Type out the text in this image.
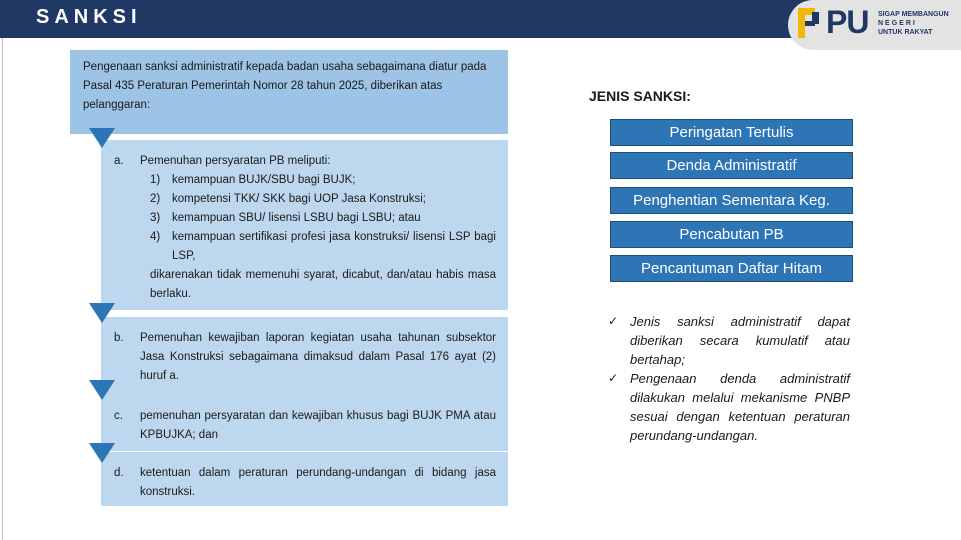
SANKSI	PU SIGAP MEMBANGUN
NEGERI
UNTUK RAKYAT
Pengenaan sanksi administratif kepada badan usaha sebagaimana diatur pada Pasal 435 Peraturan Pemerintah Nomor 28 tahun 2025, diberikan atas pelanggaran:
a. Pemenuhan persyaratan PB meliputi:
1) kemampuan BUJK/SBU bagi BUJK;
2) kompetensi TKK/ SKK bagi UOP Jasa Konstruksi;
3) kemampuan SBU/ lisensi LSBU bagi LSBU; atau
4) kemampuan sertifikasi profesi jasa konstruksi/ lisensi LSP bagi LSP,
dikarenakan tidak memenuhi syarat, dicabut, dan/atau habis masa berlaku.
b. Pemenuhan kewajiban laporan kegiatan usaha tahunan subsektor Jasa Konstruksi sebagaimana dimaksud dalam Pasal 176 ayat (2) huruf a.
c. pemenuhan persyaratan dan kewajiban khusus bagi BUJK PMA atau KPBUJKA; dan
d. ketentuan dalam peraturan perundang-undangan di bidang jasa konstruksi.
JENIS SANKSI:
Peringatan Tertulis
Denda Administratif
Penghentian Sementara Keg.
Pencabutan PB
Pencantuman Daftar Hitam
✓ Jenis sanksi administratif dapat diberikan secara kumulatif atau bertahap;
✓ Pengenaan denda administratif dilakukan melalui mekanisme PNBP sesuai dengan ketentuan peraturan perundang-undangan.
